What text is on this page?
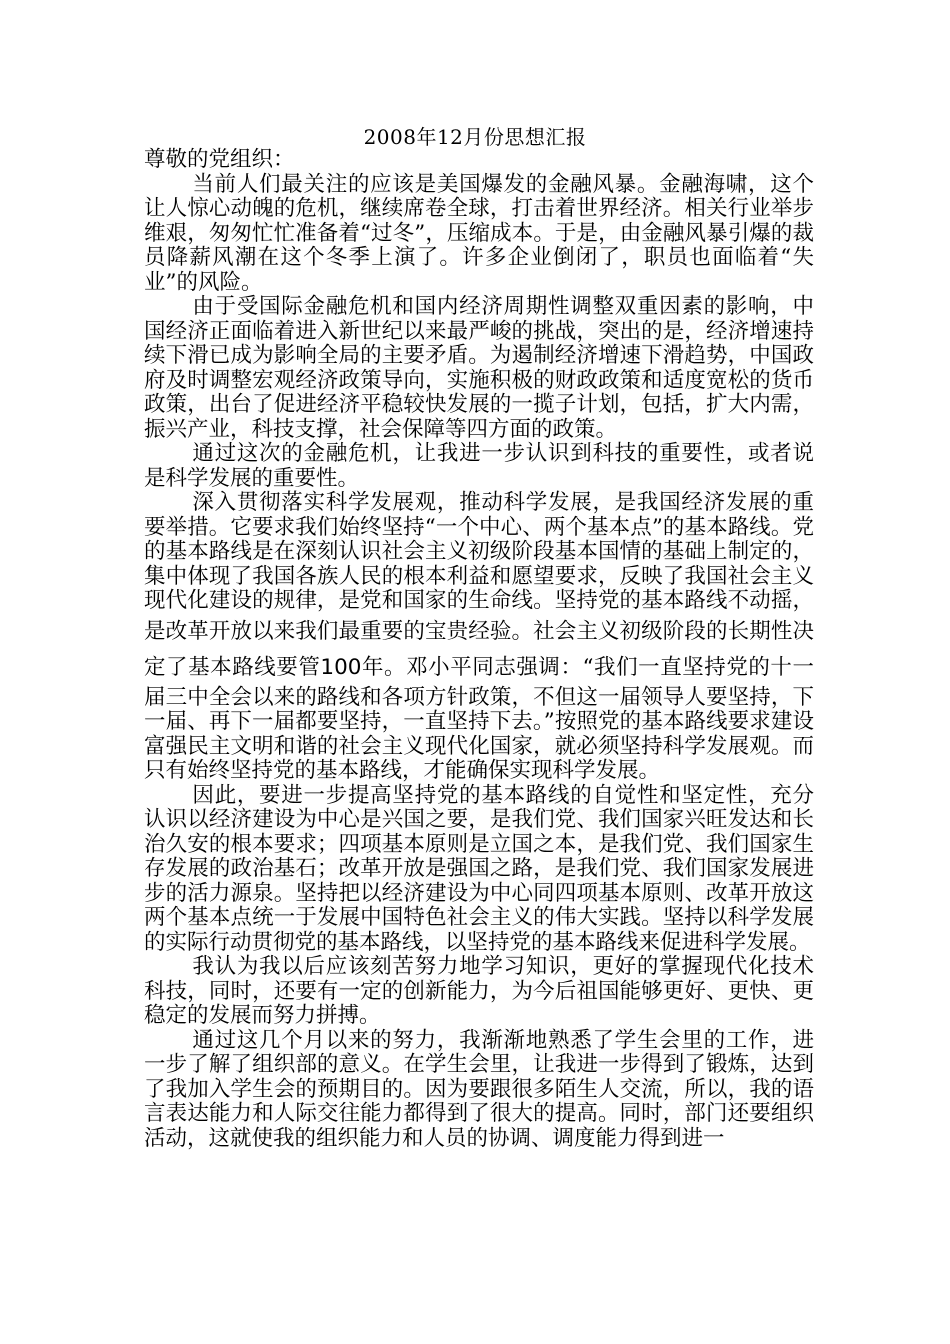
2008年12月份思想汇报

尊敬的党组织：

当前人们最关注的应该是美国爆发的金融风暴。金融海啸，这个让人惊心动魄的危机，继续席卷全球，打击着世界经济。相关行业举步维艰，匆匆忙忙准备着“过冬”，压缩成本。于是，由金融风暴引爆的裁员降薪风潮在这个冬季上演了。许多企业倒闭了，职员也面临着“失业”的风险。

由于受国际金融危机和国内经济周期性调整双重因素的影响，中国经济正面临着进入新世纪以来最严峻的挑战，突出的是，经济增速持续下滑已成为影响全局的主要矛盾。为遏制经济增速下滑趋势，中国政府及时调整宏观经济政策导向，实施积极的财政政策和适度宽松的货币政策，出台了促进经济平稳较快发展的一揽子计划，包括，扩大内需，振兴产业，科技支撑，社会保障等四方面的政策。

通过这次的金融危机，让我进一步认识到科技的重要性，或者说是科学发展的重要性。

深入贯彻落实科学发展观，推动科学发展，是我国经济发展的重要举措。它要求我们始终坚持“一个中心、两个基本点”的基本路线。党的基本路线是在深刻认识社会主义初级阶段基本国情的基础上制定的，集中体现了我国各族人民的根本利益和愿望要求，反映了我国社会主义现代化建设的规律，是党和国家的生命线。坚持党的基本路线不动摇，是改革开放以来我们最重要的宝贵经验。社会主义初级阶段的长期性决定了基本路线要管100年。邓小平同志强调：“我们一直坚持党的十一届三中全会以来的路线和各项方针政策，不但这一届领导人要坚持，下一届、再下一届都要坚持，一直坚持下去。”按照党的基本路线要求建设富强民主文明和谐的社会主义现代化国家，就必须坚持科学发展观。而只有始终坚持党的基本路线，才能确保实现科学发展。

因此，要进一步提高坚持党的基本路线的自觉性和坚定性，充分认识以经济建设为中心是兴国之要，是我们党、我们国家兴旺发达和长治久安的根本要求；四项基本原则是立国之本，是我们党、我们国家生存发展的政治基石；改革开放是强国之路，是我们党、我们国家发展进步的活力源泉。坚持把以经济建设为中心同四项基本原则、改革开放这两个基本点统一于发展中国特色社会主义的伟大实践。坚持以科学发展的实际行动贯彻党的基本路线，以坚持党的基本路线来促进科学发展。

我认为我以后应该刻苦努力地学习知识，更好的掌握现代化技术科技，同时，还要有一定的创新能力，为今后祖国能够更好、更快、更稳定的发展而努力拼搏。

通过这几个月以来的努力，我渐渐地熟悉了学生会里的工作，进一步了解了组织部的意义。在学生会里，让我进一步得到了锻炼，达到了我加入学生会的预期目的。因为要跟很多陌生人交流，所以，我的语言表达能力和人际交往能力都得到了很大的提高。同时，部门还要组织活动，这就使我的组织能力和人员的协调、调度能力得到进一
